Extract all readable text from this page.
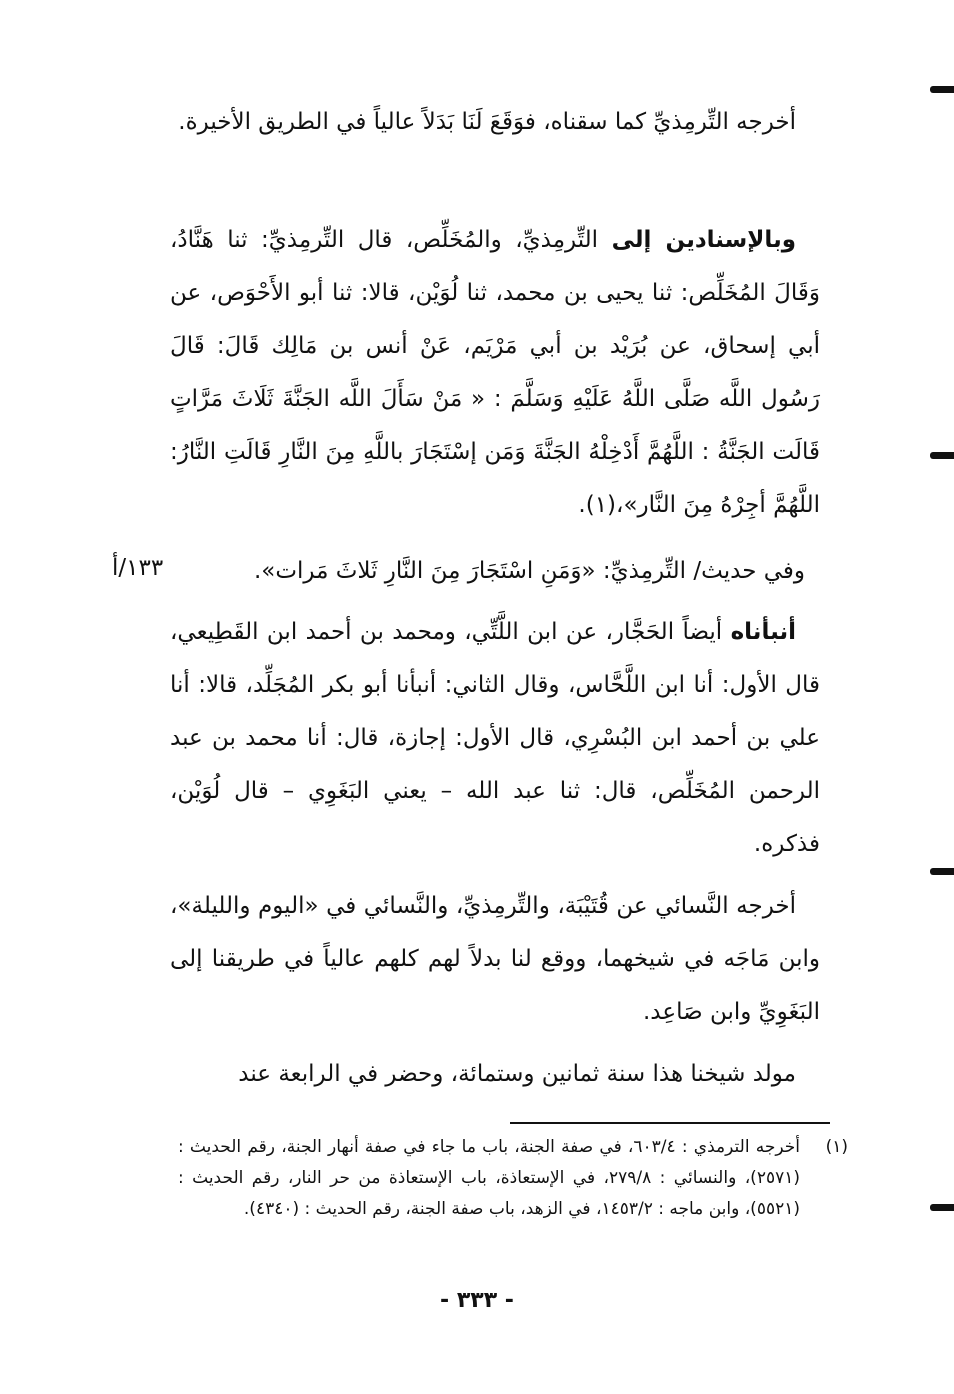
أخرجه التِّرمِذيِّ كما سقناه، فوَقَعَ لَنَا بَدَلاً عالياً في الطريق الأخيرة.

وبالإسنادين إلى التِّرمِذيِّ، والمُخَلِّص، قال التِّرمِذيِّ: ثنا هَنَّادُ، وَقَالَ المُخَلِّص: ثنا يحيى بن محمد، ثنا لُوَيْن، قالا: ثنا أبو الأَحْوَص، عن أبي إسحاق، عن بُرَيْد بن أبي مَرْيَم، عَنْ أنس بن مَالِك قَالَ: قَالَ رَسُول اللَّه صَلَّى اللَّهُ عَلَيْهِ وَسَلَّمَ : « مَنْ سَأَلَ اللَّه الجَنَّةَ ثَلَاثَ مَرَّاتٍ قَالَت الجَنَّةُ : اللَّهُمَّ أَدْخِلْهُ الجَنَّةَ وَمَن إسْتَجَارَ باللَّهِ مِنَ النَّارِ قَالَتِ النَّارُ: اللَّهُمَّ أجِرْهُ مِنَ النَّار»،(١).

وفي حديث/ التِّرمِذيِّ: «وَمَنِ اسْتَجَارَ مِنَ النَّارِ ثَلاثَ مَرات».
١٣٣/أ

أنبأناه أيضاً الحَجَّار، عن ابن اللَّتِّي، ومحمد بن أحمد ابن القَطِيعي، قال الأول: أنا ابن اللَّحَّاس، وقال الثاني: أنبأنا أبو بكر المُجَلِّد، قالا: أنا علي بن أحمد ابن البُسْرِي، قال الأول: إجازة، قال: أنا محمد بن عبد الرحمن المُخَلِّص، قال: ثنا عبد الله – يعني البَغَوِي – قال لُوَيْن، فذكره.

أخرجه النَّسائي عن قُتَيْبَة، والتِّرمِذيِّ، والنَّسائي في «اليوم والليلة»، وابن مَاجَه في شيخهما، ووقع لنا بدلاً لهم كلهم عالياً في طريقنا إلى البَغَوِيِّ وابن صَاعِد.

مولد شيخنا هذا سنة ثمانين وستمائة، وحضر في الرابعة عند

(١)
أخرجه الترمذي : ٦٠٣/٤، في صفة الجنة، باب ما جاء في صفة أنهار الجنة، رقم الحديث : (٢٥٧١)، والنسائي : ٢٧٩/٨، في الإستعاذة، باب الإستعاذة من حر النار، رقم الحديث : (٥٥٢١)، وابن ماجه : ١٤٥٣/٢، في الزهد، باب صفة الجنة، رقم الحديث : (٤٣٤٠).
- ٣٣٣ -
